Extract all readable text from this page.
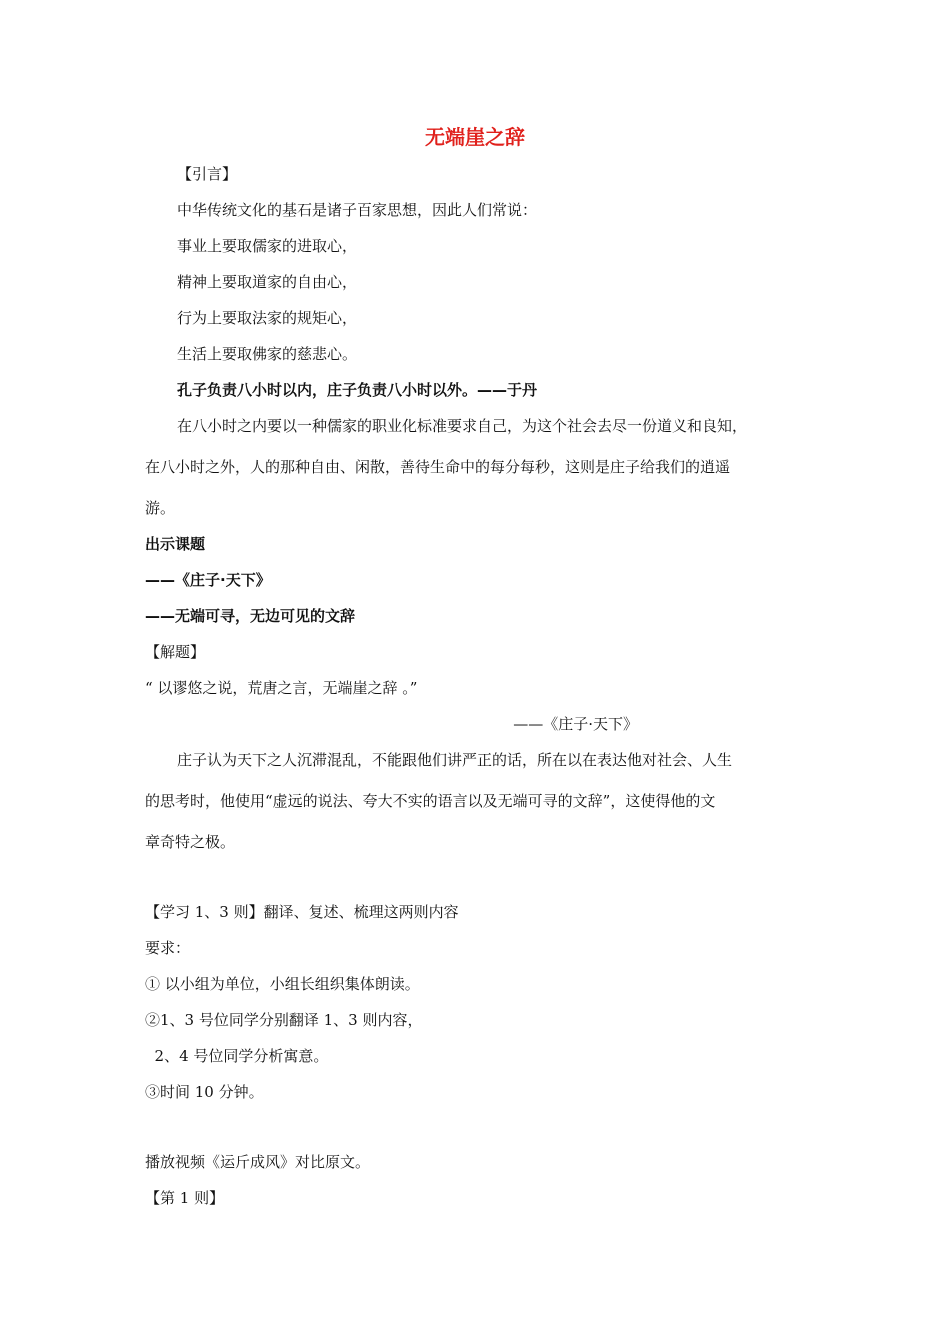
无端崖之辞
【引言】
中华传统文化的基石是诸子百家思想，因此人们常说：
事业上要取儒家的进取心，
精神上要取道家的自由心，
行为上要取法家的规矩心，
生活上要取佛家的慈悲心。
孔子负责八小时以内，庄子负责八小时以外。——于丹
在八小时之内要以一种儒家的职业化标准要求自己，为这个社会去尽一份道义和良知，
在八小时之外，人的那种自由、闲散，善待生命中的每分每秒，这则是庄子给我们的逍遥
游。
出示课题
——《庄子·天下》
——无端可寻，无边可见的文辞
【解题】
“ 以谬悠之说，荒唐之言，无端崖之辞 。”
——《庄子·天下》
庄子认为天下之人沉滞混乱，不能跟他们讲严正的话，所在以在表达他对社会、人生
的思考时，他使用“虚远的说法、夸大不实的语言以及无端可寻的文辞”，这使得他的文
章奇特之极。
【学习 1、3 则】翻译、复述、梳理这两则内容
要求：
① 以小组为单位，小组长组织集体朗读。
②1、3 号位同学分别翻译 1、3 则内容，
2、4 号位同学分析寓意。
③时间 10 分钟。
播放视频《运斤成风》对比原文。
【第 1 则】
